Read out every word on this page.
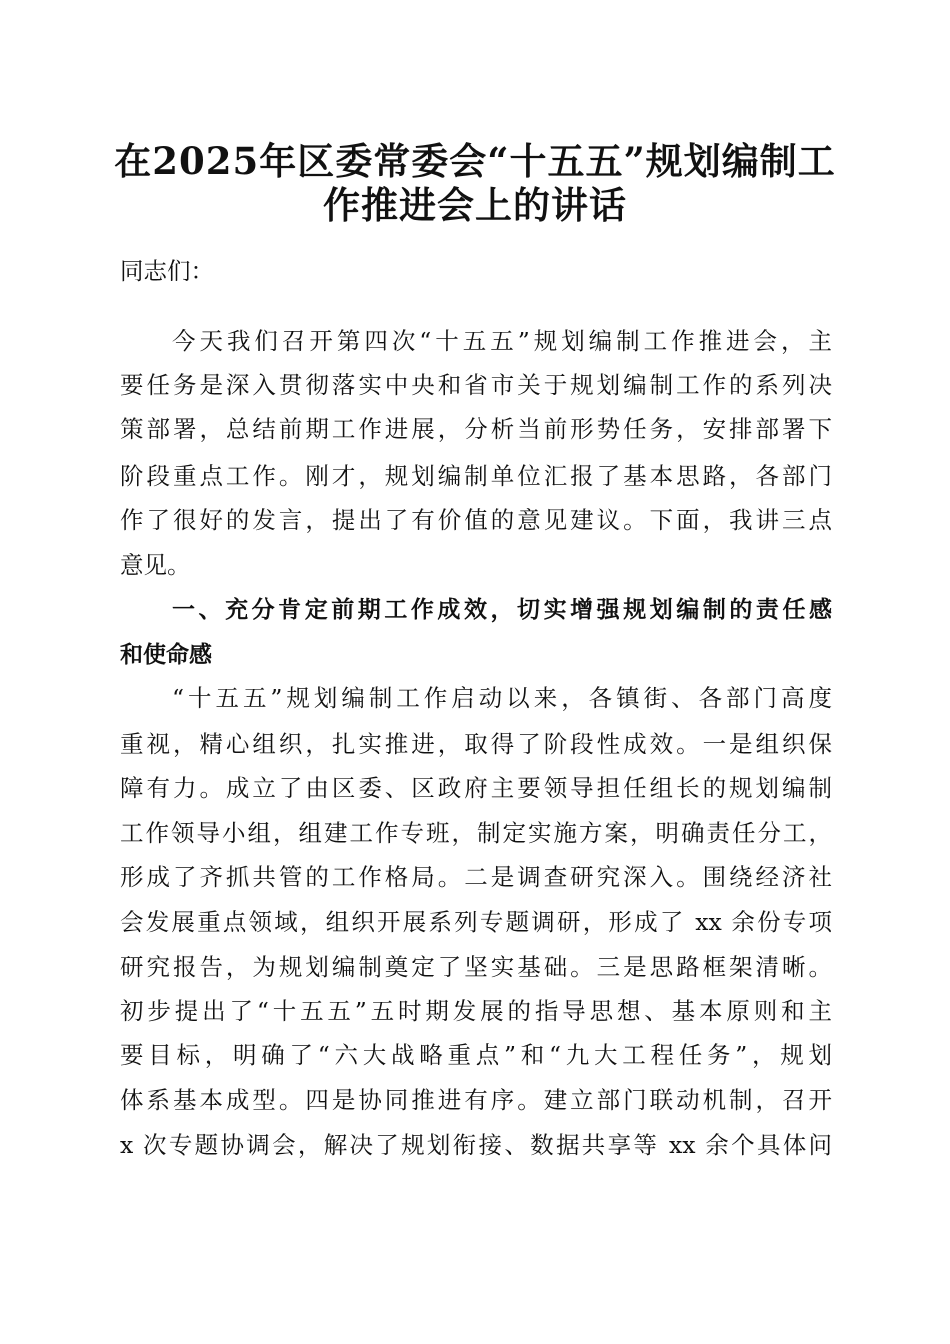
在2025年区委常委会“十五五”规划编制工
作推进会上的讲话
同志们：
今天我们召开第四次“十五五”规划编制工作推进会，主
要任务是深入贯彻落实中央和省市关于规划编制工作的系列决
策部署，总结前期工作进展，分析当前形势任务，安排部署下
阶段重点工作。刚才，规划编制单位汇报了基本思路，各部门
作了很好的发言，提出了有价值的意见建议。下面，我讲三点
意见。
一、充分肯定前期工作成效，切实增强规划编制的责任感
和使命感
“十五五”规划编制工作启动以来，各镇街、各部门高度
重视，精心组织，扎实推进，取得了阶段性成效。一是组织保
障有力。成立了由区委、区政府主要领导担任组长的规划编制
工作领导小组，组建工作专班，制定实施方案，明确责任分工，
形成了齐抓共管的工作格局。二是调查研究深入。围绕经济社
会发展重点领域，组织开展系列专题调研，形成了 xx 余份专项
研究报告，为规划编制奠定了坚实基础。三是思路框架清晰。
初步提出了“十五五”五时期发展的指导思想、基本原则和主
要目标，明确了“六大战略重点”和“九大工程任务”，规划
体系基本成型。四是协同推进有序。建立部门联动机制，召开
x 次专题协调会，解决了规划衔接、数据共享等 xx 余个具体问
